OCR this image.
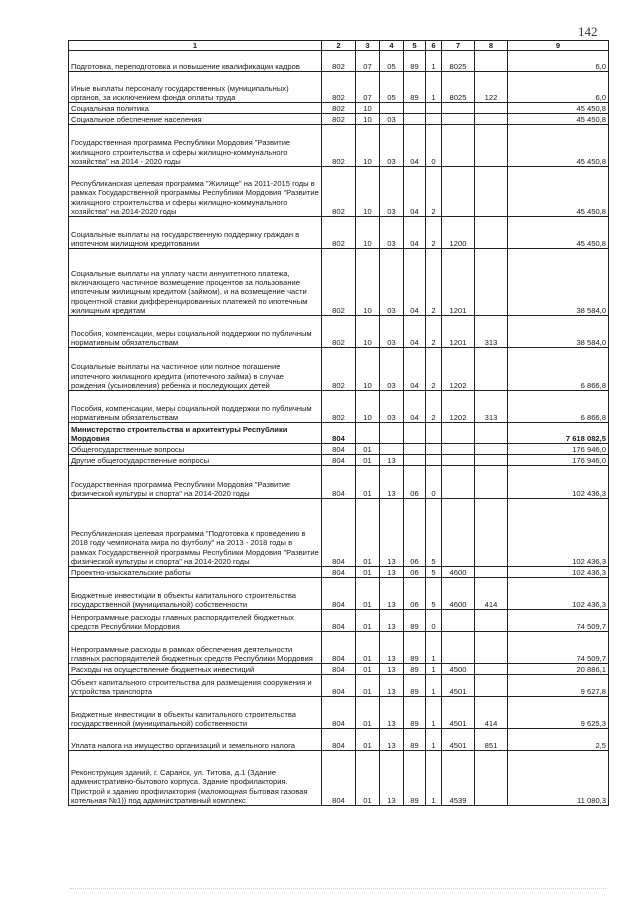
142
1	2	3	4	5	6	7	8	9
Подготовка, переподготовка и повышение квалификации кадров	802	07	05	89	1	8025		6,0
Иные выплаты персоналу государственных (муниципальных) органов, за исключением фонда оплаты труда	802	07	05	89	1	8025	122	6,0
Социальная политика	802	10						45 450,8
Социальное обеспечение населения	802	10	03					45 450,8
Государственная программа Республики Мордовия "Развитие жилищного строительства и сферы жилищно-коммунального хозяйства" на 2014 - 2020 годы	802	10	03	04	0			45 450,8
Республиканская целевая программа "Жилище" на 2011-2015 годы в рамках Государственной программы Республики Мордовия "Развитие жилищного строительства и сферы жилищно-коммунального хозяйства" на 2014-2020 годы	802	10	03	04	2			45 450,8
Социальные выплаты на государственную поддержку граждан в ипотечном жилищном кредитовании	802	10	03	04	2	1200		45 450,8
Социальные выплаты на уплату части аннуитетного платежа, включающего частичное возмещение процентов за пользование ипотечным жилищным кредитом (займом), и на возмещение части процентной ставки дифференцированных платежей по ипотечным жилищным кредитам	802	10	03	04	2	1201		38 584,0
Пособия, компенсации, меры социальной поддержки по публичным нормативным обязательствам	802	10	03	04	2	1201	313	38 584,0
Социальные выплаты на частичное или полное погашение ипотечного жилищного кредита (ипотечного займа) в случае рождения (усыновления) ребенка и последующих детей	802	10	03	04	2	1202		6 866,8
Пособия, компенсации, меры социальной поддержки по публичным нормативным обязательствам	802	10	03	04	2	1202	313	6 866,8
Министерство строительства и архитектуры Республики Мордовия	804							7 618 082,5
Общегосударственные вопросы	804	01						176 946,0
Другие общегосударственные вопросы	804	01	13					176 946,0
Государственная программа Республики Мордовия "Развитие физической культуры и спорта" на 2014-2020 годы	804	01	13	06	0			102 436,3
Республиканская целевая программа "Подготовка к проведению в 2018 году чемпионата мира по футболу" на 2013 - 2018 годы в рамках Государственной программы Республики Мордовия "Развитие физической культуры и спорта" на 2014-2020 годы	804	01	13	06	5			102 436,3
Проектно-изыскательские работы	804	01	13	06	5	4600		102 436,3
Бюджетные инвестиции в объекты капитального строительства государственной (муниципальной) собственности	804	01	13	06	5	4600	414	102 436,3
Непрограммные расходы главных распорядителей бюджетных средств Республики Мордовия	804	01	13	89	0			74 509,7
Непрограммные расходы в рамках обеспечения деятельности главных распорядителей бюджетных средств Республики Мордовия	804	01	13	89	1			74 509,7
Расходы на осуществление бюджетных инвестиций	804	01	13	89	1	4500		20 886,1
Объект капитального строительства для размещения сооружения и устройства транспорта	804	01	13	89	1	4501		9 627,8
Бюджетные инвестиции в объекты капитального строительства государственной (муниципальной) собственности	804	01	13	89	1	4501	414	9 625,3
Уплата налога на имущество организаций и земельного налога	804	01	13	89	1	4501	851	2,5
Реконструкция зданий, г. Саранск, ул. Титова, д.1 (Здание административно-бытового корпуса. Здание профилактория. Пристрой к зданию профилактория (маломощная бытовая газовая котельная №1)) под административный комплекс	804	01	13	89	1	4539		11 080,3
